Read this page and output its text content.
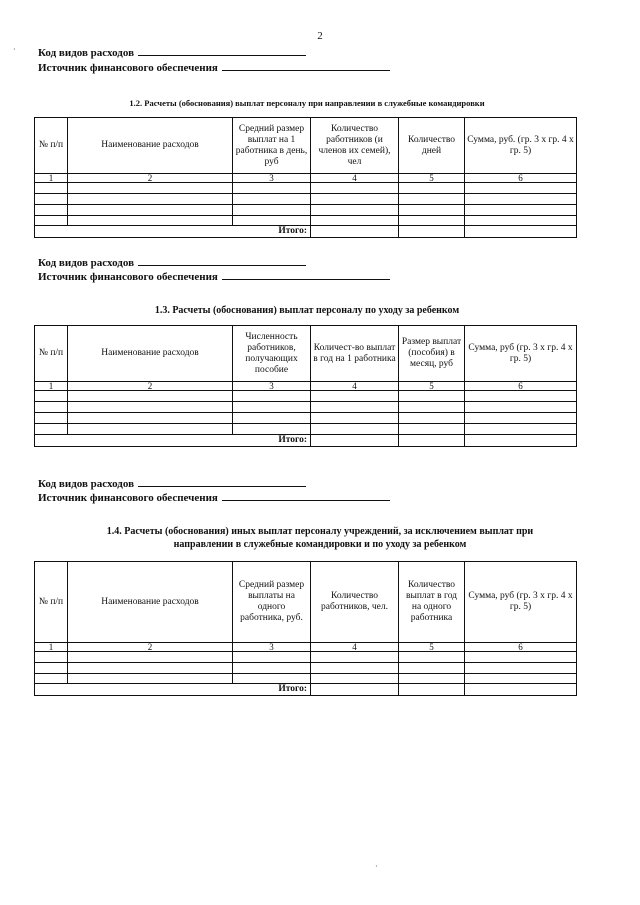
2
Код видов расходов
Источник финансового обеспечения
1.2. Расчеты (обоснования) выплат персоналу при направлении в служебные командировки
№ п/п	Наименование расходов	Средний размер выплат на 1 работника в день, руб	Количество работников (и членов их семей), чел	Количество дней	Сумма, руб. (гр. 3 х гр. 4 х гр. 5)
1	2	3	4	5	6

Итого:					
Код видов расходов
Источник финансового обеспечения
1.3. Расчеты (обоснования) выплат персоналу по уходу за ребенком
№ п/п	Наименование расходов	Численность работников, получающих пособие	Количест-во выплат в год на 1 работника	Размер выплат (пособия) в месяц, руб	Сумма, руб (гр. 3 х гр. 4 х гр. 5)
1	2	3	4	5	6

Итого:					
Код видов расходов
Источник финансового обеспечения
1.4. Расчеты (обоснования) иных выплат персоналу учреждений, за исключением выплат при направлении в служебные командировки и по уходу за ребенком
№ п/п	Наименование расходов	Средний размер выплаты на одного работника, руб.	Количество работников, чел.	Количество выплат в год на одного работника	Сумма, руб (гр. 3 х гр. 4 х гр. 5)
1	2	3	4	5	6

Итого:					
·
·
